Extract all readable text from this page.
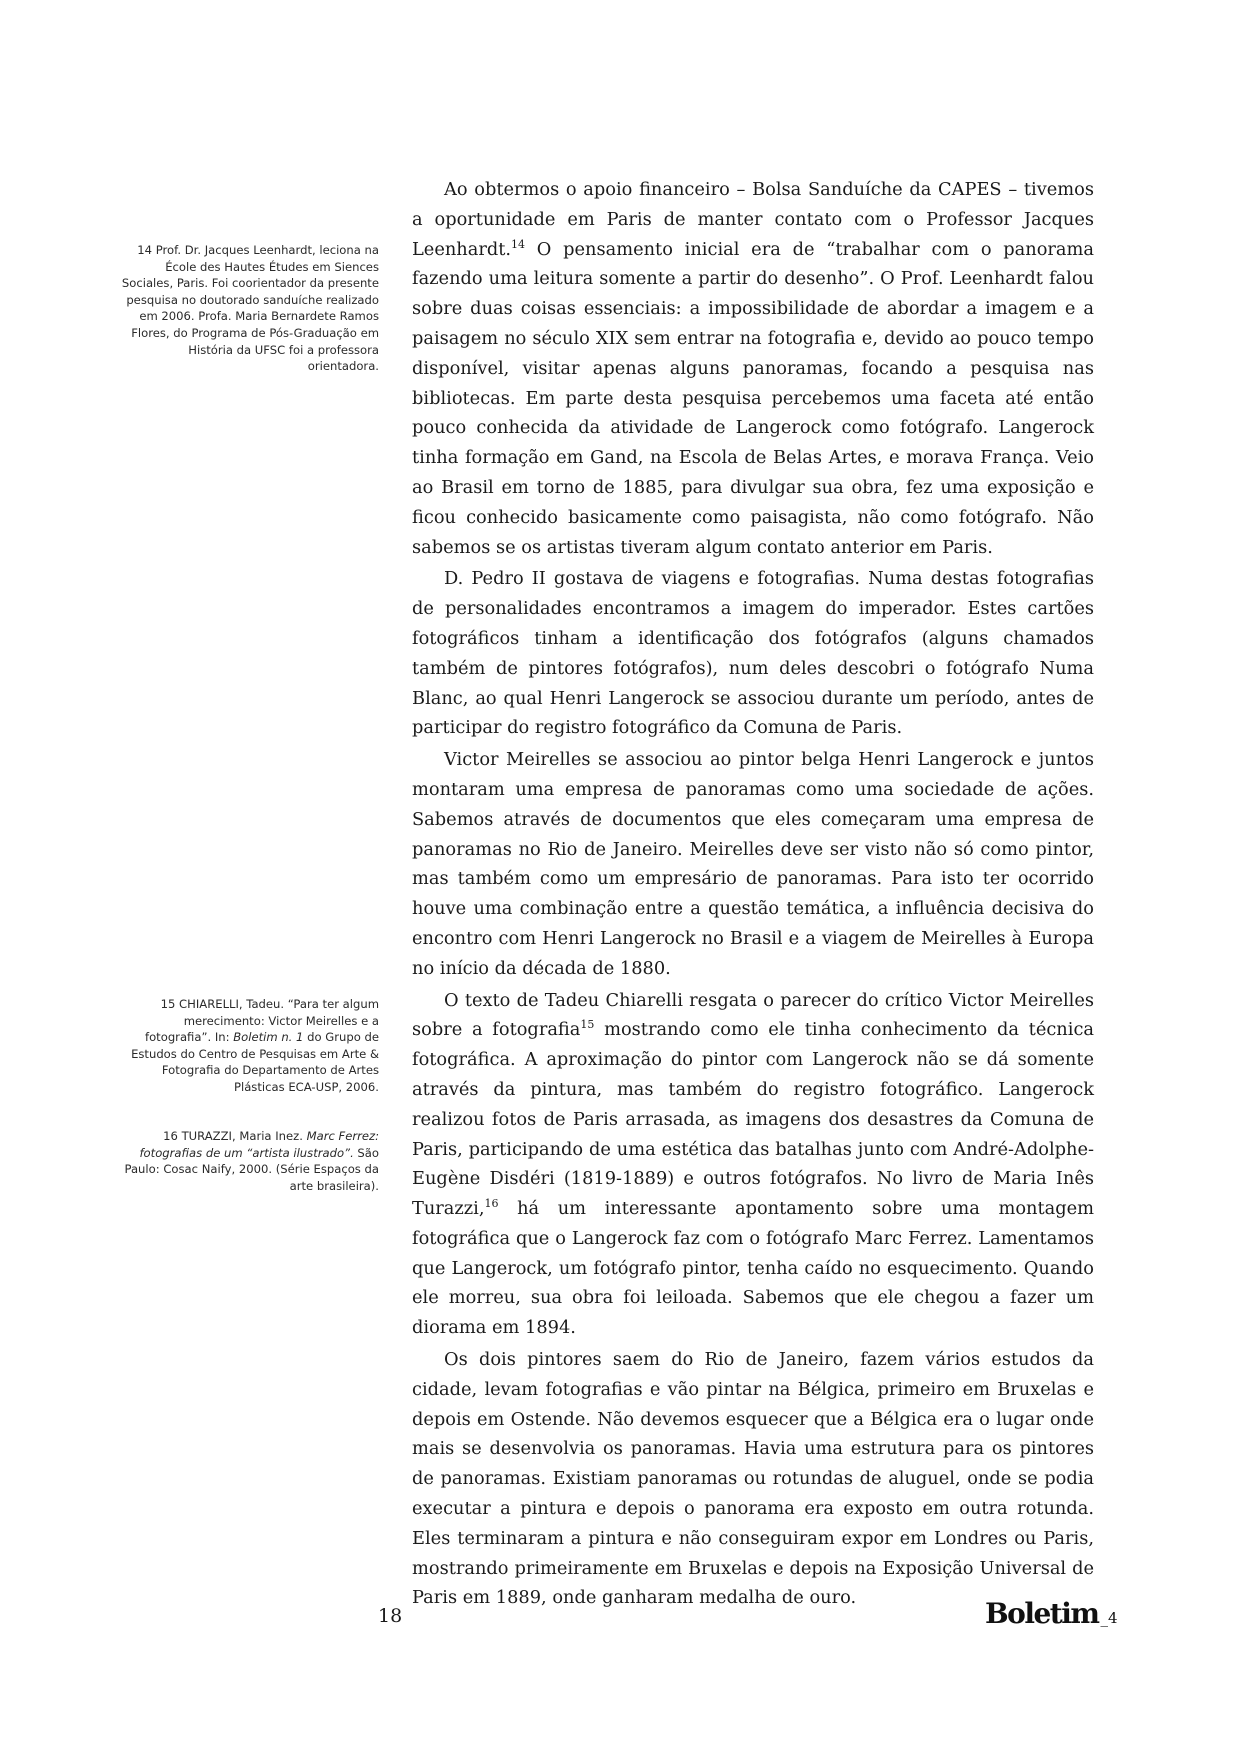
14 Prof. Dr. Jacques Leenhardt, leciona na École des Hautes Études em Siences Sociales, Paris. Foi coorientador da presente pesquisa no doutorado sanduíche realizado em 2006. Profa. Maria Bernardete Ramos Flores, do Programa de Pós-Graduação em História da UFSC foi a professora orientadora.
15 CHIARELLI, Tadeu. “Para ter algum merecimento: Victor Meirelles e a fotografia”. In: Boletim n. 1 do Grupo de Estudos do Centro de Pesquisas em Arte & Fotografia do Departamento de Artes Plásticas ECA-USP, 2006.
16 TURAZZI, Maria Inez. Marc Ferrez: fotografias de um “artista ilustrado”. São Paulo: Cosac Naify, 2000. (Série Espaços da arte brasileira).

Ao obtermos o apoio financeiro – Bolsa Sanduíche da CAPES – tivemos a oportunidade em Paris de manter contato com o Professor Jacques Leenhardt.$^{14}$ O pensamento inicial era de “trabalhar com o panorama fazendo uma leitura somente a partir do desenho”. O Prof. Leenhardt falou sobre duas coisas essenciais: a impossibilidade de abordar a imagem e a paisagem no século XIX sem entrar na fotografia e, devido ao pouco tempo disponível, visitar apenas alguns panoramas, focando a pesquisa nas bibliotecas. Em parte desta pesquisa percebemos uma faceta até então pouco conhecida da atividade de Langerock como fotógrafo. Langerock tinha formação em Gand, na Escola de Belas Artes, e morava França. Veio ao Brasil em torno de 1885, para divulgar sua obra, fez uma exposição e ficou conhecido basicamente como paisagista, não como fotógrafo. Não sabemos se os artistas tiveram algum contato anterior em Paris.

D. Pedro II gostava de viagens e fotografias. Numa destas fotografias de personalidades encontramos a imagem do imperador. Estes cartões fotográficos tinham a identificação dos fotógrafos (alguns chamados também de pintores fotógrafos), num deles descobri o fotógrafo Numa Blanc, ao qual Henri Langerock se associou durante um período, antes de participar do registro fotográfico da Comuna de Paris.

Victor Meirelles se associou ao pintor belga Henri Langerock e juntos montaram uma empresa de panoramas como uma sociedade de ações. Sabemos através de documentos que eles começaram uma empresa de panoramas no Rio de Janeiro. Meirelles deve ser visto não só como pintor, mas também como um empresário de panoramas. Para isto ter ocorrido houve uma combinação entre a questão temática, a influência decisiva do encontro com Henri Langerock no Brasil e a viagem de Meirelles à Europa no início da década de 1880.

O texto de Tadeu Chiarelli resgata o parecer do crítico Victor Meirelles sobre a fotografia$^{15}$ mostrando como ele tinha conhecimento da técnica fotográfica. A aproximação do pintor com Langerock não se dá somente através da pintura, mas também do registro fotográfico. Langerock realizou fotos de Paris arrasada, as imagens dos desastres da Comuna de Paris, participando de uma estética das batalhas junto com André-Adolphe-Eugène Disdéri (1819-1889) e outros fotógrafos. No livro de Maria Inês Turazzi,$^{16}$ há um interessante apontamento sobre uma montagem fotográfica que o Langerock faz com o fotógrafo Marc Ferrez. Lamentamos que Langerock, um fotógrafo pintor, tenha caído no esquecimento. Quando ele morreu, sua obra foi leiloada. Sabemos que ele chegou a fazer um diorama em 1894.

Os dois pintores saem do Rio de Janeiro, fazem vários estudos da cidade, levam fotografias e vão pintar na Bélgica, primeiro em Bruxelas e depois em Ostende. Não devemos esquecer que a Bélgica era o lugar onde mais se desenvolvia os panoramas. Havia uma estrutura para os pintores de panoramas. Existiam panoramas ou rotundas de aluguel, onde se podia executar a pintura e depois o panorama era exposto em outra rotunda. Eles terminaram a pintura e não conseguiram expor em Londres ou Paris, mostrando primeiramente em Bruxelas e depois na Exposição Universal de Paris em 1889, onde ganharam medalha de ouro.

18	Boletim _4
